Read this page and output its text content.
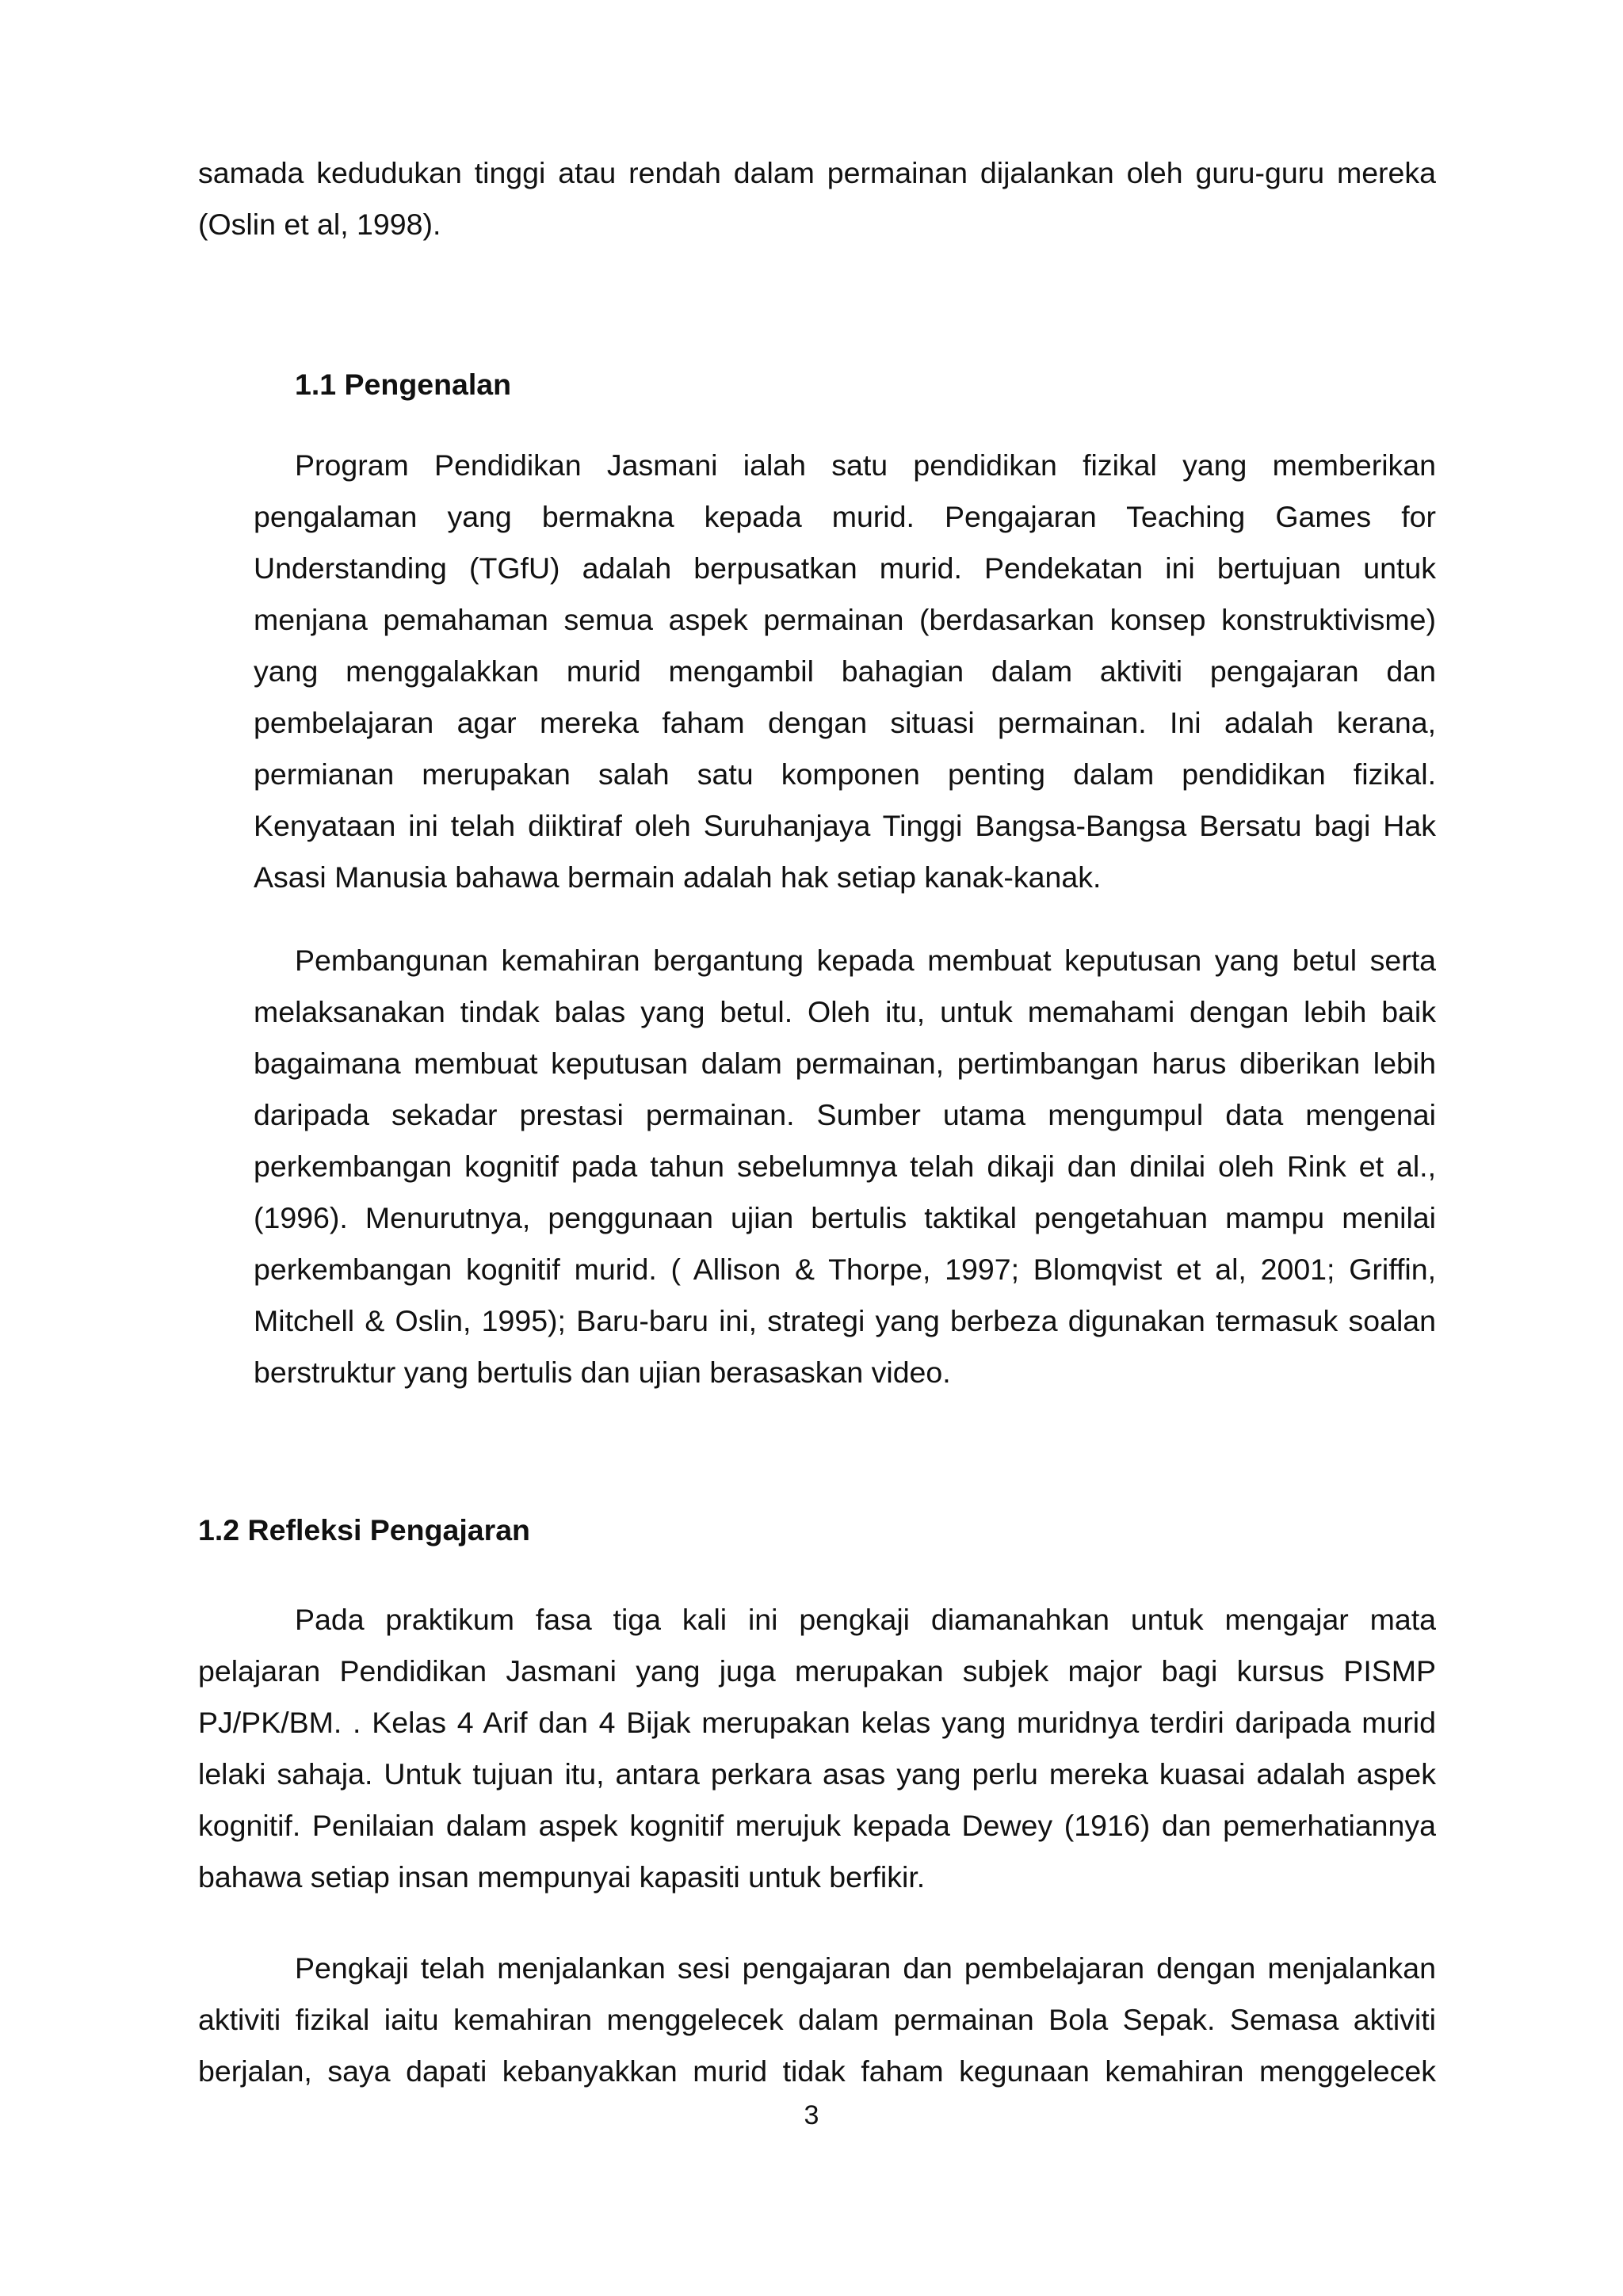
samada kedudukan tinggi atau rendah dalam permainan dijalankan oleh guru-guru mereka

(Oslin et al, 1998).

1.1 Pengenalan

Program Pendidikan Jasmani ialah satu pendidikan fizikal yang memberikan

pengalaman yang bermakna kepada murid. Pengajaran Teaching Games for

Understanding (TGfU) adalah berpusatkan murid. Pendekatan ini bertujuan untuk

menjana pemahaman semua aspek permainan (berdasarkan konsep konstruktivisme)

yang menggalakkan murid mengambil bahagian dalam aktiviti pengajaran dan

pembelajaran agar mereka faham dengan situasi permainan. Ini adalah kerana,

permianan merupakan salah satu komponen penting dalam pendidikan fizikal.

Kenyataan ini telah diiktiraf oleh Suruhanjaya Tinggi Bangsa-Bangsa Bersatu bagi Hak

Asasi Manusia bahawa bermain adalah hak setiap kanak-kanak.

Pembangunan kemahiran bergantung kepada membuat keputusan yang betul serta

melaksanakan tindak balas yang betul. Oleh itu, untuk memahami dengan lebih baik

bagaimana membuat keputusan dalam permainan, pertimbangan harus diberikan lebih

daripada sekadar prestasi permainan. Sumber utama mengumpul data mengenai

perkembangan kognitif pada tahun sebelumnya telah dikaji dan dinilai oleh Rink et al.,

(1996). Menurutnya, penggunaan ujian bertulis taktikal pengetahuan mampu menilai

perkembangan kognitif murid. ( Allison & Thorpe, 1997; Blomqvist et al, 2001; Griffin,

Mitchell & Oslin, 1995); Baru-baru ini, strategi yang berbeza digunakan termasuk soalan

berstruktur yang bertulis dan ujian berasaskan video.

1.2 Refleksi Pengajaran

Pada praktikum fasa tiga kali ini pengkaji diamanahkan untuk mengajar mata

pelajaran Pendidikan Jasmani yang juga merupakan subjek major bagi kursus PISMP

PJ/PK/BM. . Kelas 4 Arif dan 4 Bijak merupakan kelas yang muridnya terdiri daripada murid

lelaki sahaja. Untuk tujuan itu, antara perkara asas yang perlu mereka kuasai adalah aspek

kognitif. Penilaian dalam aspek kognitif merujuk kepada Dewey (1916) dan pemerhatiannya

bahawa setiap insan mempunyai kapasiti untuk berfikir.

Pengkaji telah menjalankan sesi pengajaran dan pembelajaran dengan menjalankan

aktiviti fizikal iaitu kemahiran menggelecek dalam permainan Bola Sepak. Semasa aktiviti

berjalan, saya dapati kebanyakkan murid tidak faham kegunaan kemahiran menggelecek

3
